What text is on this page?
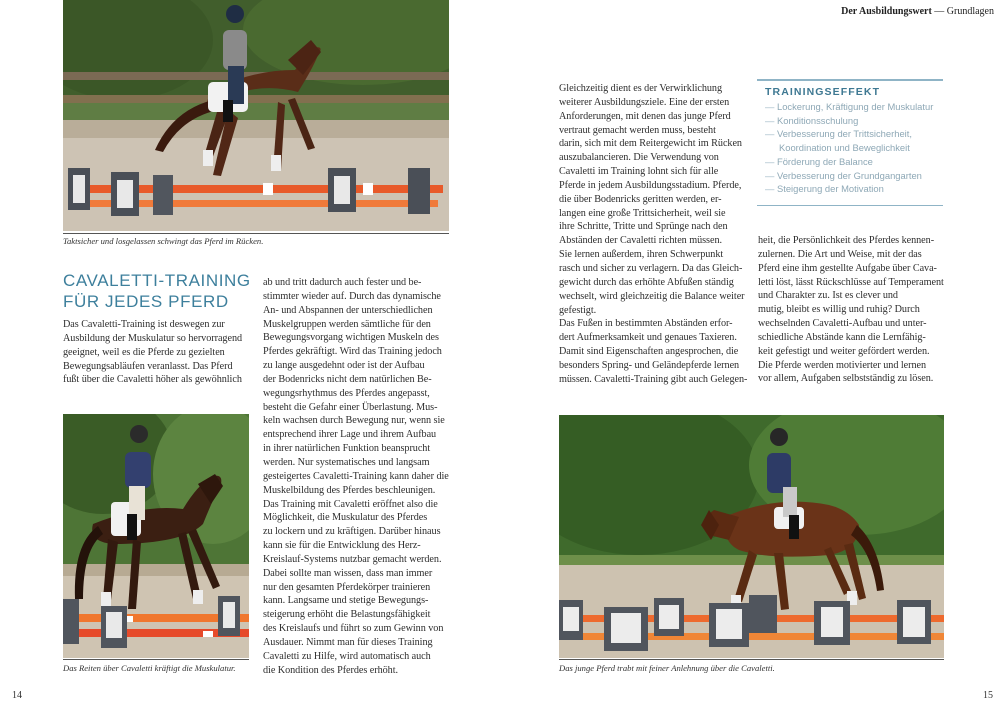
Der Ausbildungswert — Grundlagen
Taktsicher und losgelassen schwingt das Pferd im Rücken.
CAVALETTI-TRAINING
FÜR JEDES PFERD

Das Cavaletti-Training ist deswegen zur

Ausbildung der Muskulatur so hervorragend

geeignet, weil es die Pferde zu gezielten

Bewegungsabläufen veranlasst. Das Pferd

fußt über die Cavaletti höher als gewöhnlich

Das Reiten über Cavaletti kräftigt die Muskulatur.

ab und tritt dadurch auch fester und be-

stimmter wieder auf. Durch das dynamische

An- und Abspannen der unterschiedlichen

Muskelgruppen werden sämtliche für den

Bewegungsvorgang wichtigen Muskeln des

Pferdes gekräftigt. Wird das Training jedoch

zu lange ausgedehnt oder ist der Aufbau

der Bodenricks nicht dem natürlichen Be-

wegungsrhythmus des Pferdes angepasst,

besteht die Gefahr einer Überlastung. Mus-

keln wachsen durch Bewegung nur, wenn sie

entsprechend ihrer Lage und ihrem Aufbau

in ihrer natürlichen Funktion beansprucht

werden. Nur systematisches und langsam

gesteigertes Cavaletti-Training kann daher die

Muskelbildung des Pferdes beschleunigen.

Das Training mit Cavaletti eröffnet also die

Möglichkeit, die Muskulatur des Pferdes

zu lockern und zu kräftigen. Darüber hinaus

kann sie für die Entwicklung des Herz-

Kreislauf-Systems nutzbar gemacht werden.

Dabei sollte man wissen, dass man immer

nur den gesamten Pferdekörper trainieren

kann. Langsame und stetige Bewegungs-

steigerung erhöht die Belastungsfähigkeit

des Kreislaufs und führt so zum Gewinn von

Ausdauer. Nimmt man für dieses Training

Cavaletti zu Hilfe, wird automatisch auch

die Kondition des Pferdes erhöht.

14

Gleichzeitig dient es der Verwirklichung

weiterer Ausbildungsziele. Eine der ersten

Anforderungen, mit denen das junge Pferd

vertraut gemacht werden muss, besteht

darin, sich mit dem Reitergewicht im Rücken

auszubalancieren. Die Verwendung von

Cavaletti im Training lohnt sich für alle

Pferde in jedem Ausbildungsstadium. Pferde,

die über Bodenricks geritten werden, er-

langen eine große Trittsicherheit, weil sie

ihre Schritte, Tritte und Sprünge nach den

Abständen der Cavaletti richten müssen.

Sie lernen außerdem, ihren Schwerpunkt

rasch und sicher zu verlagern. Da das Gleich-

gewicht durch das erhöhte Abfußen ständig

wechselt, wird gleichzeitig die Balance weiter

gefestigt.

Das Fußen in bestimmten Abständen erfor-

dert Aufmerksamkeit und genaues Taxieren.

Damit sind Eigenschaften angesprochen, die

besonders Spring- und Geländepferde lernen

müssen. Cavaletti-Training gibt auch Gelegen-

TRAININGSEFFEKT
— Lockerung, Kräftigung der Muskulatur
— Konditionsschulung
— Verbesserung der Trittsicherheit,
Koordination und Beweglichkeit
— Förderung der Balance
— Verbesserung der Grundgangarten
— Steigerung der Motivation

heit, die Persönlichkeit des Pferdes kennen-

zulernen. Die Art und Weise, mit der das

Pferd eine ihm gestellte Aufgabe über Cava-

letti löst, lässt Rückschlüsse auf Temperament

und Charakter zu. Ist es clever und

mutig, bleibt es willig und ruhig? Durch

wechselnden Cavaletti-Aufbau und unter-

schiedliche Abstände kann die Lernfähig-

keit gefestigt und weiter gefördert werden.

Die Pferde werden motivierter und lernen

vor allem, Aufgaben selbstständig zu lösen.

Das junge Pferd trabt mit feiner Anlehnung über die Cavaletti.
15
